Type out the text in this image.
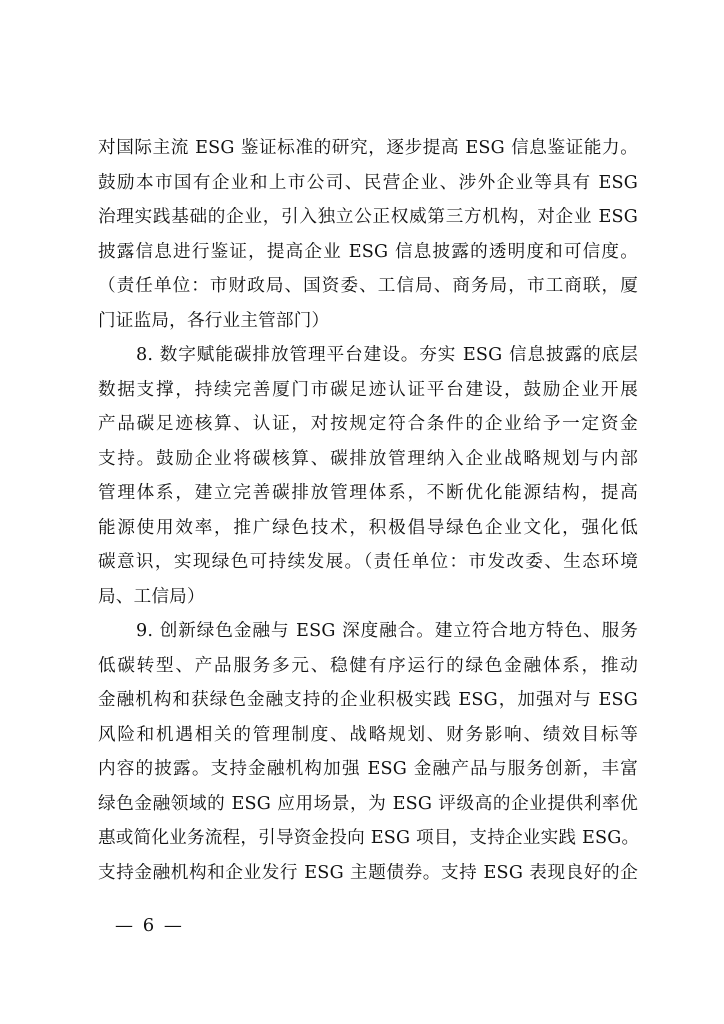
对国际主流 ESG 鉴证标准的研究，逐步提高 ESG 信息鉴证能力。
鼓励本市国有企业和上市公司、民营企业、涉外企业等具有 ESG
治理实践基础的企业，引入独立公正权威第三方机构，对企业 ESG
披露信息进行鉴证，提高企业 ESG 信息披露的透明度和可信度。
（责任单位：市财政局、国资委、工信局、商务局，市工商联，厦
门证监局，各行业主管部门）
8. 数字赋能碳排放管理平台建设。夯实 ESG 信息披露的底层
数据支撑，持续完善厦门市碳足迹认证平台建设，鼓励企业开展
产品碳足迹核算、认证，对按规定符合条件的企业给予一定资金
支持。鼓励企业将碳核算、碳排放管理纳入企业战略规划与内部
管理体系，建立完善碳排放管理体系，不断优化能源结构，提高
能源使用效率，推广绿色技术，积极倡导绿色企业文化，强化低
碳意识，实现绿色可持续发展。（责任单位：市发改委、生态环境
局、工信局）
9. 创新绿色金融与 ESG 深度融合。建立符合地方特色、服务
低碳转型、产品服务多元、稳健有序运行的绿色金融体系，推动
金融机构和获绿色金融支持的企业积极实践 ESG，加强对与 ESG
风险和机遇相关的管理制度、战略规划、财务影响、绩效目标等
内容的披露。支持金融机构加强 ESG 金融产品与服务创新，丰富
绿色金融领域的 ESG 应用场景，为 ESG 评级高的企业提供利率优
惠或简化业务流程，引导资金投向 ESG 项目，支持企业实践 ESG。
支持金融机构和企业发行 ESG 主题债券。支持 ESG 表现良好的企
— 6 —
